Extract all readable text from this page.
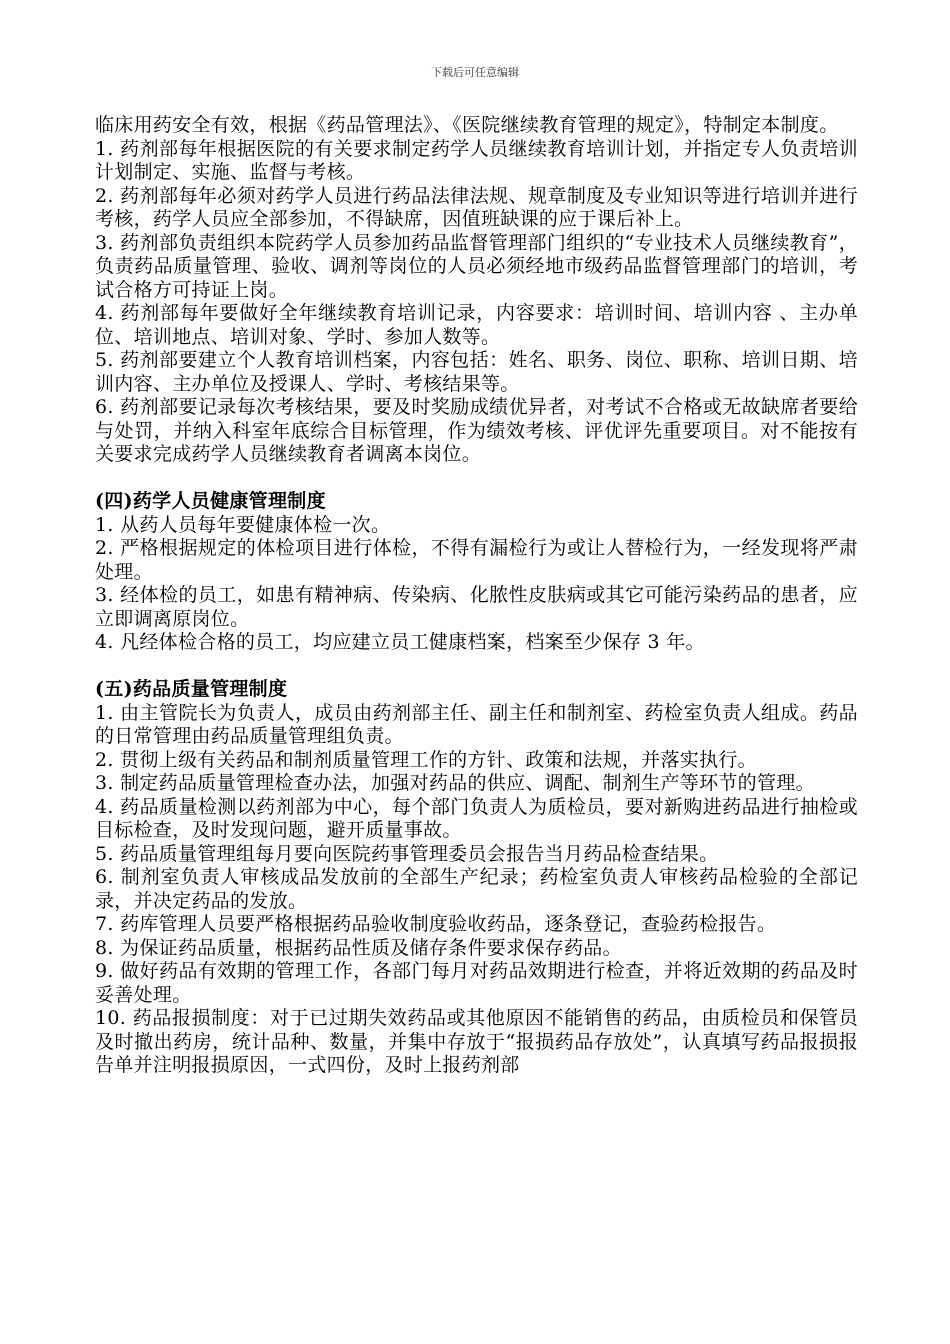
下载后可任意编辑

临床用药安全有效，根据《药品管理法》、《医院继续教育管理的规定》，特制定本制度。

1. 药剂部每年根据医院的有关要求制定药学人员继续教育培训计划，并指定专人负责培训计划制定、实施、监督与考核。

2. 药剂部每年必须对药学人员进行药品法律法规、规章制度及专业知识等进行培训并进行考核，药学人员应全部参加，不得缺席，因值班缺课的应于课后补上。

3. 药剂部负责组织本院药学人员参加药品监督管理部门组织的“专业技术人员继续教育”，负责药品质量管理、验收、调剂等岗位的人员必须经地市级药品监督管理部门的培训，考试合格方可持证上岗。

4. 药剂部每年要做好全年继续教育培训记录，内容要求：培训时间、培训内容 、主办单位、培训地点、培训对象、学时、参加人数等。

5. 药剂部要建立个人教育培训档案，内容包括：姓名、职务、岗位、职称、培训日期、培训内容、主办单位及授课人、学时、考核结果等。

6. 药剂部要记录每次考核结果，要及时奖励成绩优异者，对考试不合格或无故缺席者要给与处罚，并纳入科室年底综合目标管理，作为绩效考核、评优评先重要项目。对不能按有关要求完成药学人员继续教育者调离本岗位。

(四)药学人员健康管理制度

1. 从药人员每年要健康体检一次。

2. 严格根据规定的体检项目进行体检，不得有漏检行为或让人替检行为，一经发现将严肃处理。

3. 经体检的员工，如患有精神病、传染病、化脓性皮肤病或其它可能污染药品的患者，应立即调离原岗位。

4. 凡经体检合格的员工，均应建立员工健康档案，档案至少保存 3 年。

(五)药品质量管理制度

1. 由主管院长为负责人，成员由药剂部主任、副主任和制剂室、药检室负责人组成。药品的日常管理由药品质量管理组负责。

2. 贯彻上级有关药品和制剂质量管理工作的方针、政策和法规，并落实执行。

3. 制定药品质量管理检查办法，加强对药品的供应、调配、制剂生产等环节的管理。

4. 药品质量检测以药剂部为中心，每个部门负责人为质检员，要对新购进药品进行抽检或目标检查，及时发现问题，避开质量事故。

5. 药品质量管理组每月要向医院药事管理委员会报告当月药品检查结果。

6. 制剂室负责人审核成品发放前的全部生产纪录；药检室负责人审核药品检验的全部记录，并决定药品的发放。

7. 药库管理人员要严格根据药品验收制度验收药品，逐条登记，查验药检报告。

8. 为保证药品质量，根据药品性质及储存条件要求保存药品。

9. 做好药品有效期的管理工作，各部门每月对药品效期进行检查，并将近效期的药品及时妥善处理。

10. 药品报损制度：对于已过期失效药品或其他原因不能销售的药品，由质检员和保管员及时撤出药房，统计品种、数量，并集中存放于“报损药品存放处”，认真填写药品报损报告单并注明报损原因，一式四份，及时上报药剂部
